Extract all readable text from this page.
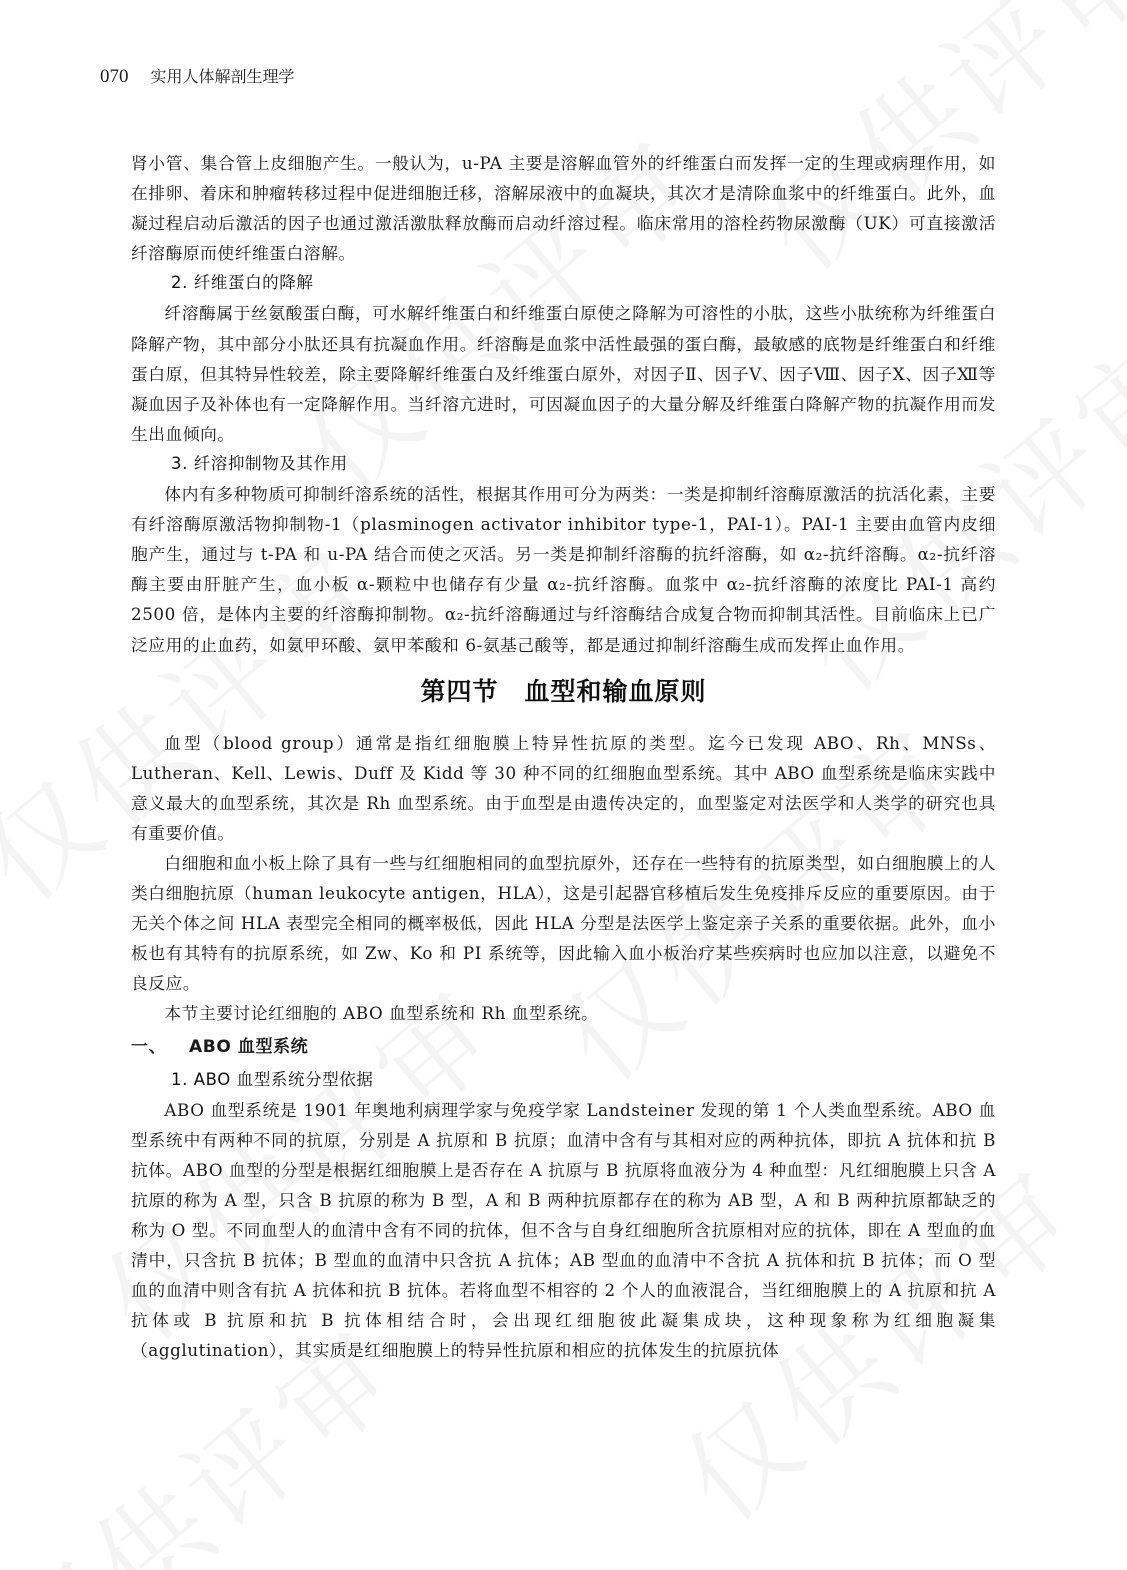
070 实用人体解剖生理学

肾小管、集合管上皮细胞产生。一般认为，u-PA 主要是溶解血管外的纤维蛋白而发挥一定的生理或病理作用，如在排卵、着床和肿瘤转移过程中促进细胞迁移，溶解尿液中的血凝块，其次才是清除血浆中的纤维蛋白。此外，血凝过程启动后激活的因子也通过激活激肽释放酶而启动纤溶过程。临床常用的溶栓药物尿激酶（UK）可直接激活纤溶酶原而使纤维蛋白溶解。

2. 纤维蛋白的降解

纤溶酶属于丝氨酸蛋白酶，可水解纤维蛋白和纤维蛋白原使之降解为可溶性的小肽，这些小肽统称为纤维蛋白降解产物，其中部分小肽还具有抗凝血作用。纤溶酶是血浆中活性最强的蛋白酶，最敏感的底物是纤维蛋白和纤维蛋白原，但其特异性较差，除主要降解纤维蛋白及纤维蛋白原外，对因子Ⅱ、因子Ⅴ、因子Ⅷ、因子Ⅹ、因子Ⅻ等凝血因子及补体也有一定降解作用。当纤溶亢进时，可因凝血因子的大量分解及纤维蛋白降解产物的抗凝作用而发生出血倾向。

3. 纤溶抑制物及其作用

体内有多种物质可抑制纤溶系统的活性，根据其作用可分为两类：一类是抑制纤溶酶原激活的抗活化素，主要有纤溶酶原激活物抑制物-1（plasminogen activator inhibitor type-1，PAI-1）。PAI-1 主要由血管内皮细胞产生，通过与 t-PA 和 u-PA 结合而使之灭活。另一类是抑制纤溶酶的抗纤溶酶，如 α₂-抗纤溶酶。α₂-抗纤溶酶主要由肝脏产生，血小板 α-颗粒中也储存有少量 α₂-抗纤溶酶。血浆中 α₂-抗纤溶酶的浓度比 PAI-1 高约 2500 倍，是体内主要的纤溶酶抑制物。α₂-抗纤溶酶通过与纤溶酶结合成复合物而抑制其活性。目前临床上已广泛应用的止血药，如氨甲环酸、氨甲苯酸和 6-氨基己酸等，都是通过抑制纤溶酶生成而发挥止血作用。

第四节　血型和输血原则

血型（blood group）通常是指红细胞膜上特异性抗原的类型。迄今已发现 ABO、Rh、MNSs、Lutheran、Kell、Lewis、Duff 及 Kidd 等 30 种不同的红细胞血型系统。其中 ABO 血型系统是临床实践中意义最大的血型系统，其次是 Rh 血型系统。由于血型是由遗传决定的，血型鉴定对法医学和人类学的研究也具有重要价值。

白细胞和血小板上除了具有一些与红细胞相同的血型抗原外，还存在一些特有的抗原类型，如白细胞膜上的人类白细胞抗原（human leukocyte antigen，HLA），这是引起器官移植后发生免疫排斥反应的重要原因。由于无关个体之间 HLA 表型完全相同的概率极低，因此 HLA 分型是法医学上鉴定亲子关系的重要依据。此外，血小板也有其特有的抗原系统，如 Zw、Ko 和 PI 系统等，因此输入血小板治疗某些疾病时也应加以注意，以避免不良反应。

本节主要讨论红细胞的 ABO 血型系统和 Rh 血型系统。

一、 ABO 血型系统

1. ABO 血型系统分型依据

ABO 血型系统是 1901 年奥地利病理学家与免疫学家 Landsteiner 发现的第 1 个人类血型系统。ABO 血型系统中有两种不同的抗原，分别是 A 抗原和 B 抗原；血清中含有与其相对应的两种抗体，即抗 A 抗体和抗 B 抗体。ABO 血型的分型是根据红细胞膜上是否存在 A 抗原与 B 抗原将血液分为 4 种血型：凡红细胞膜上只含 A 抗原的称为 A 型，只含 B 抗原的称为 B 型，A 和 B 两种抗原都存在的称为 AB 型，A 和 B 两种抗原都缺乏的称为 O 型。不同血型人的血清中含有不同的抗体，但不含与自身红细胞所含抗原相对应的抗体，即在 A 型血的血清中，只含抗 B 抗体；B 型血的血清中只含抗 A 抗体；AB 型血的血清中不含抗 A 抗体和抗 B 抗体；而 O 型血的血清中则含有抗 A 抗体和抗 B 抗体。若将血型不相容的 2 个人的血液混合，当红细胞膜上的 A 抗原和抗 A 抗体或 B 抗原和抗 B 抗体相结合时，会出现红细胞彼此凝集成块，这种现象称为红细胞凝集（agglutination），其实质是红细胞膜上的特异性抗原和相应的抗体发生的抗原抗体
